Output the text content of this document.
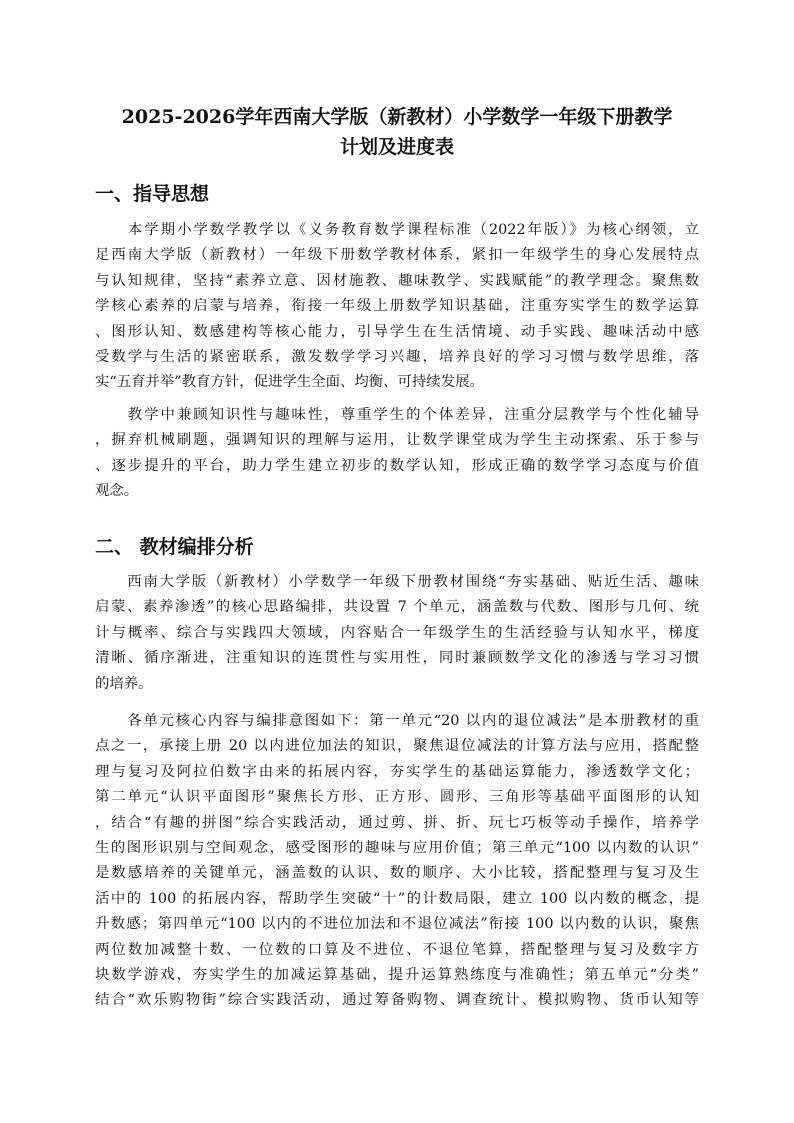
2025-2026学年西南大学版（新教材）小学数学一年级下册教学
计划及进度表
一、指导思想

　　本学期小学数学教学以《义务教育数学课程标准（2022年版）》为核心纲领，立
足西南大学版（新教材）一年级下册数学教材体系，紧扣一年级学生的身心发展特点
与认知规律，坚持“素养立意、因材施教、趣味教学、实践赋能”的教学理念。聚焦数
学核心素养的启蒙与培养，衔接一年级上册数学知识基础，注重夯实学生的数学运算
、图形认知、数感建构等核心能力，引导学生在生活情境、动手实践、趣味活动中感
受数学与生活的紧密联系，激发数学学习兴趣，培养良好的学习习惯与数学思维，落
实“五育并举”教育方针，促进学生全面、均衡、可持续发展。

　　教学中兼顾知识性与趣味性，尊重学生的个体差异，注重分层教学与个性化辅导
，摒弃机械刷题，强调知识的理解与运用，让数学课堂成为学生主动探索、乐于参与
、逐步提升的平台，助力学生建立初步的数学认知，形成正确的数学学习态度与价值
观念。

二、 教材编排分析

　　西南大学版（新教材）小学数学一年级下册教材围绕“夯实基础、贴近生活、趣味
启蒙、素养渗透”的核心思路编排，共设置 7 个单元，涵盖数与代数、图形与几何、统
计与概率、综合与实践四大领域，内容贴合一年级学生的生活经验与认知水平，梯度
清晰、循序渐进，注重知识的连贯性与实用性，同时兼顾数学文化的渗透与学习习惯
的培养。

　　各单元核心内容与编排意图如下：第一单元“20 以内的退位减法”是本册教材的重
点之一，承接上册 20 以内进位加法的知识，聚焦退位减法的计算方法与应用，搭配整
理与复习及阿拉伯数字由来的拓展内容，夯实学生的基础运算能力，渗透数学文化；
第二单元“认识平面图形”聚焦长方形、正方形、圆形、三角形等基础平面图形的认知
，结合“有趣的拼图”综合实践活动，通过剪、拼、折、玩七巧板等动手操作，培养学
生的图形识别与空间观念，感受图形的趣味与应用价值；第三单元“100 以内数的认识”
是数感培养的关键单元，涵盖数的认识、数的顺序、大小比较，搭配整理与复习及生
活中的 100 的拓展内容，帮助学生突破“十”的计数局限，建立 100 以内数的概念，提
升数感；第四单元“100 以内的不进位加法和不退位减法”衔接 100 以内数的认识，聚焦
两位数加减整十数、一位数的口算及不进位、不退位笔算，搭配整理与复习及数字方
块数学游戏，夯实学生的加减运算基础，提升运算熟练度与准确性；第五单元“分类”
结合“欢乐购物街”综合实践活动，通过筹备购物、调查统计、模拟购物、货币认知等
